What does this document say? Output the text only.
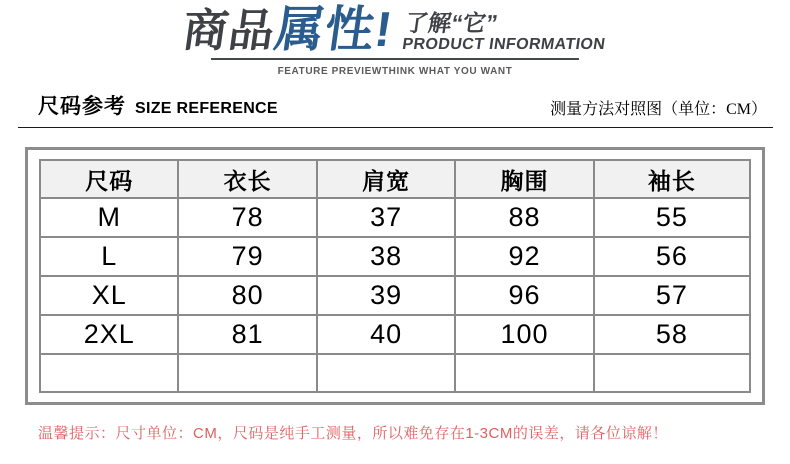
商品属性! 了解“它”
PRODUCT INFORMATION
FEATURE PREVIEWTHINK WHAT YOU WANT
尺码参考 SIZE REFERENCE	测量方法对照图（单位：CM）
尺码	衣长	肩宽	胸围	袖长
M	78	37	88	55
L	79	38	92	56
XL	80	39	96	57
2XL	81	40	100	58

温馨提示：尺寸单位：CM，尺码是纯手工测量，所以难免存在1-3CM的误差，请各位谅解！
